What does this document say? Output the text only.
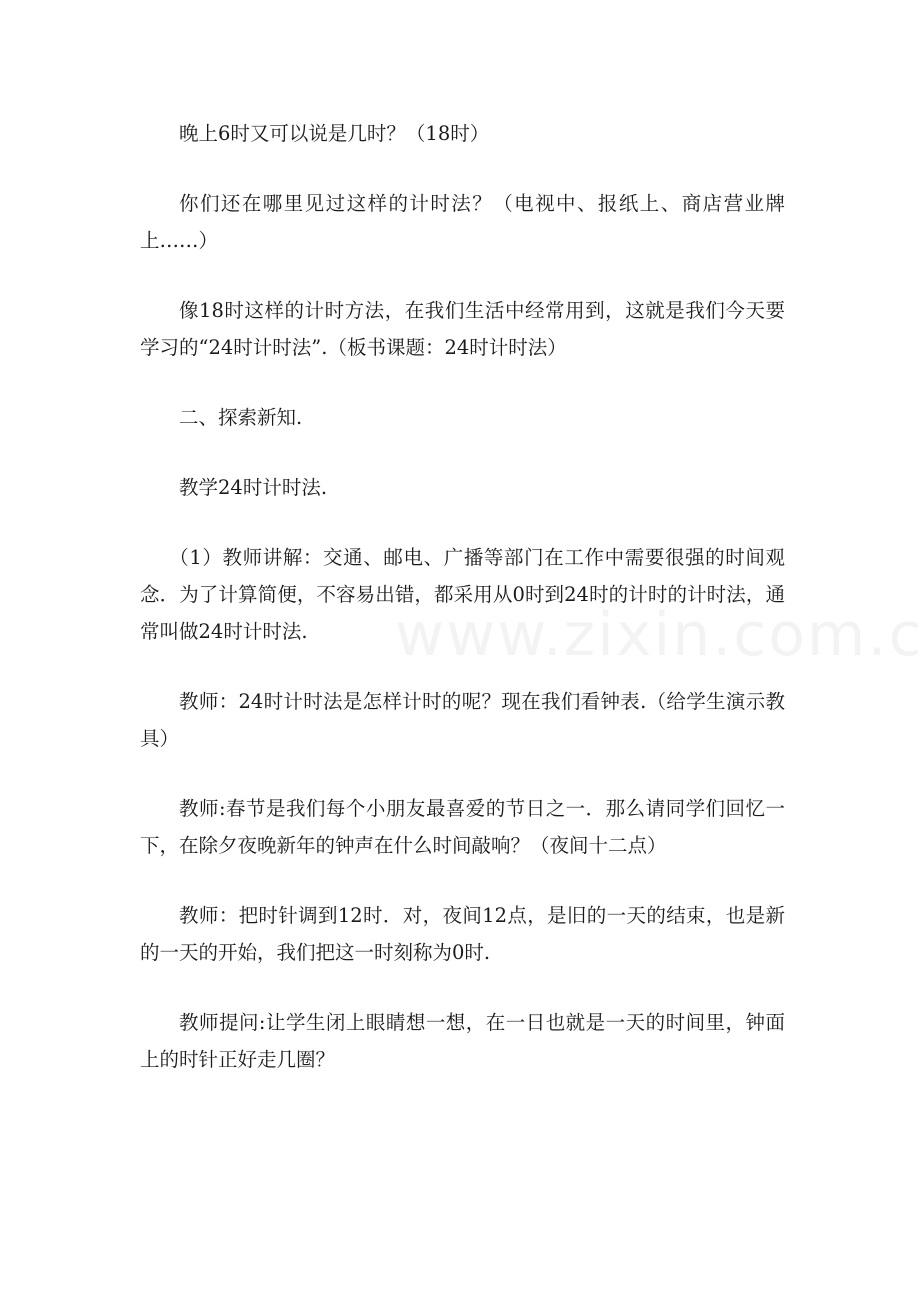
晚上6时又可以说是几时？（18时）

你们还在哪里见过这样的计时法？（电视中、报纸上、商店营业牌上……）

像18时这样的计时方法，在我们生活中经常用到，这就是我们今天要学习的“24时计时法”.（板书课题：24时计时法）

二、探索新知.

教学24时计时法.

（1）教师讲解：交通、邮电、广播等部门在工作中需要很强的时间观念．为了计算简便，不容易出错，都采用从0时到24时的计时的计时法，通常叫做24时计时法.

教师：24时计时法是怎样计时的呢？现在我们看钟表.（给学生演示教具）

教师:春节是我们每个小朋友最喜爱的节日之一．那么请同学们回忆一下，在除夕夜晚新年的钟声在什么时间敲响？（夜间十二点）

教师：把时针调到12时．对，夜间12点，是旧的一天的结束，也是新的一天的开始，我们把这一时刻称为0时.

教师提问:让学生闭上眼睛想一想，在一日也就是一天的时间里，钟面上的时针正好走几圈？
